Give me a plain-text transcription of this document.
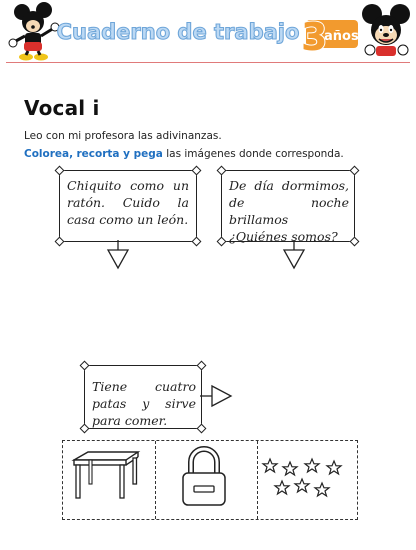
Cuaderno de trabajo 3
años
Vocal i
Leo con mi profesora las adivinanzas.
Colorea, recorta y pega las imágenes donde corresponda.
Chiquito como un ratón. Cuido la casa como un león.
De día dormimos, de noche brillamos ¿Quiénes somos?
Tiene cuatro patas y sirve para comer.
